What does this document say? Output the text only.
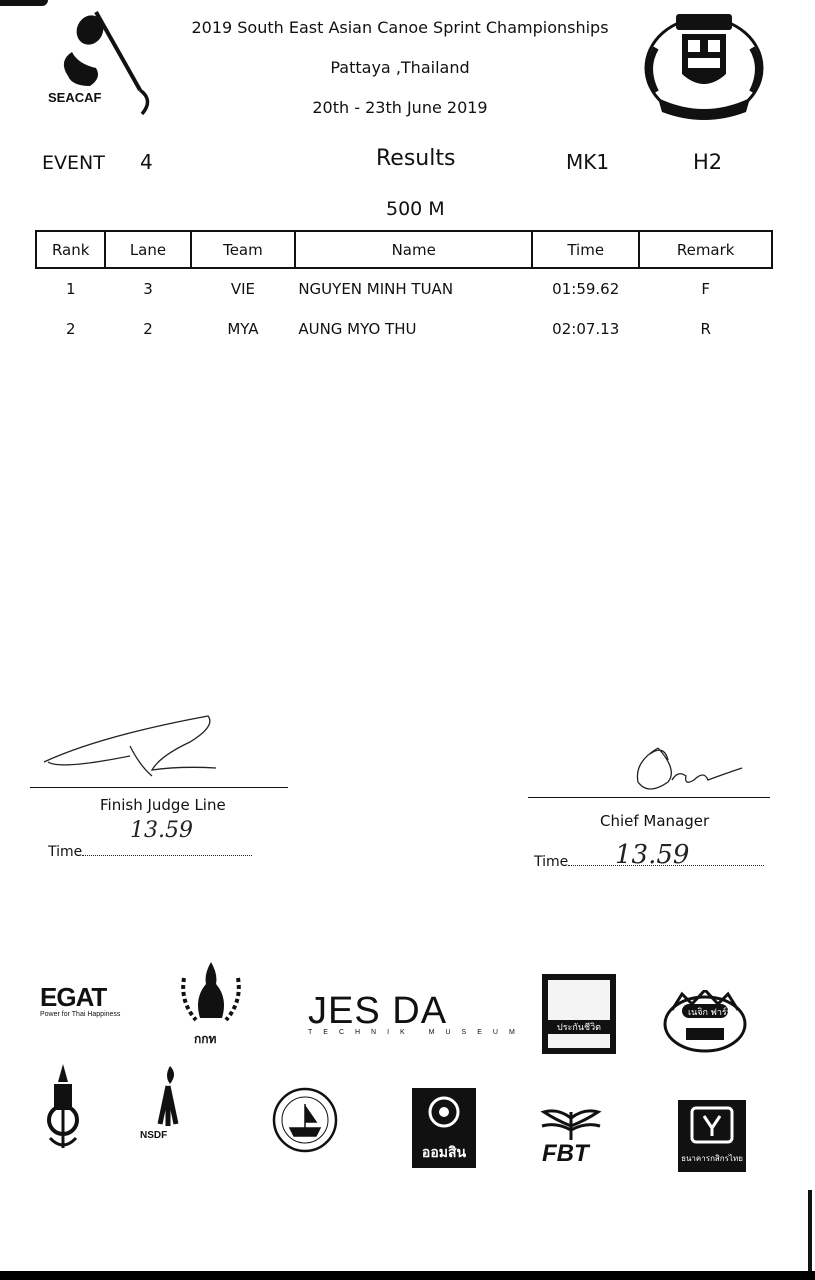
SEACAF
2019 South East Asian Canoe Sprint Championships
Pattaya ,Thailand
20th - 23th June 2019
EVENT 4	Results	MK1	H2
500 M
Rank	Lane	Team	Name	Time	Remark
1	3	VIE	NGUYEN MINH TUAN	01:59.62	F
2	2	MYA	AUNG MYO THU	02:07.13	R
Finish Judge Line
Time
13.59	Chief Manager
Time	13.59
EGAT
Power for Thai Happiness
กกท
JES DA
TECHNIK MUSEUM
ประกันชีวิต
เนจิก ฟาร์ม
NSDF
ออมสิน	FBT	ธนาคารกสิกรไทย
